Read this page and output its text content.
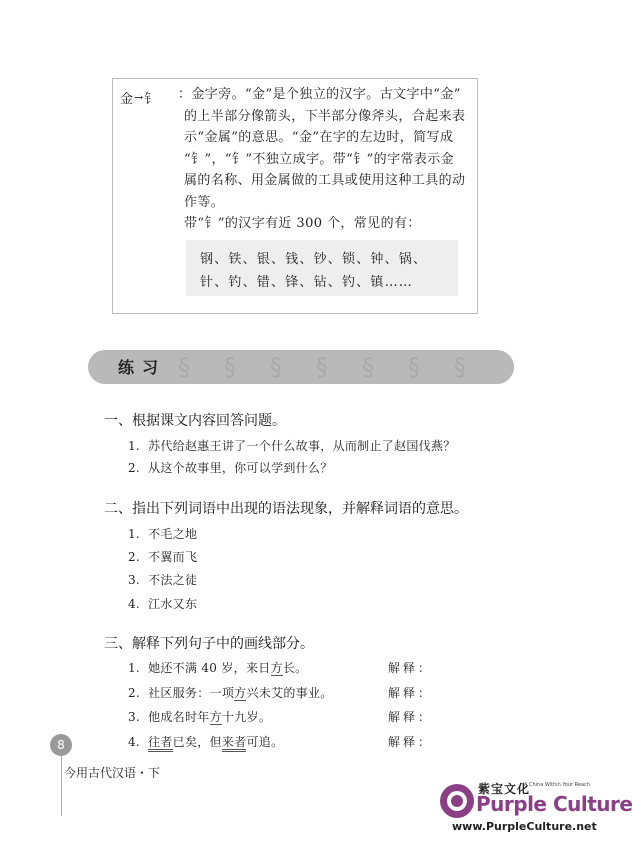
金 → 钅 ：金字旁。“金”是个独立的汉字。古文字中“金”

的上半部分像箭头，下半部分像斧头，合起来表

示“金属”的意思。“金”在字的左边时，简写成

“钅”，“钅”不独立成字。带“钅”的字常表示金

属的名称、用金属做的工具或使用这种工具的动

作等。

带“钅”的汉字有近 300 个，常见的有：

钢、铁、银、钱、钞、锁、钟、锅、
针、钓、错、锋、钻、钓、镇……
§ § § § § § §
练习
一、根据课文内容回答问题。
1. 苏代给赵惠王讲了一个什么故事，从而制止了赵国伐燕？
2. 从这个故事里，你可以学到什么？
二、指出下列词语中出现的语法现象，并解释词语的意思。
1. 不毛之地
2. 不翼而飞
3. 不法之徒
4. 江水又东
三、解释下列句子中的画线部分。
1. 她还不满 40 岁，来日方长。	解释：
2. 社区服务：一项方兴未艾的事业。	解释：
3. 他成名时年方十九岁。	解释：
4. 往者已矣，但来者可追。	解释：
8
今用古代汉语・下
紫宝文化
A China Within Your Reach
Purple Culture
www.PurpleCulture.net
